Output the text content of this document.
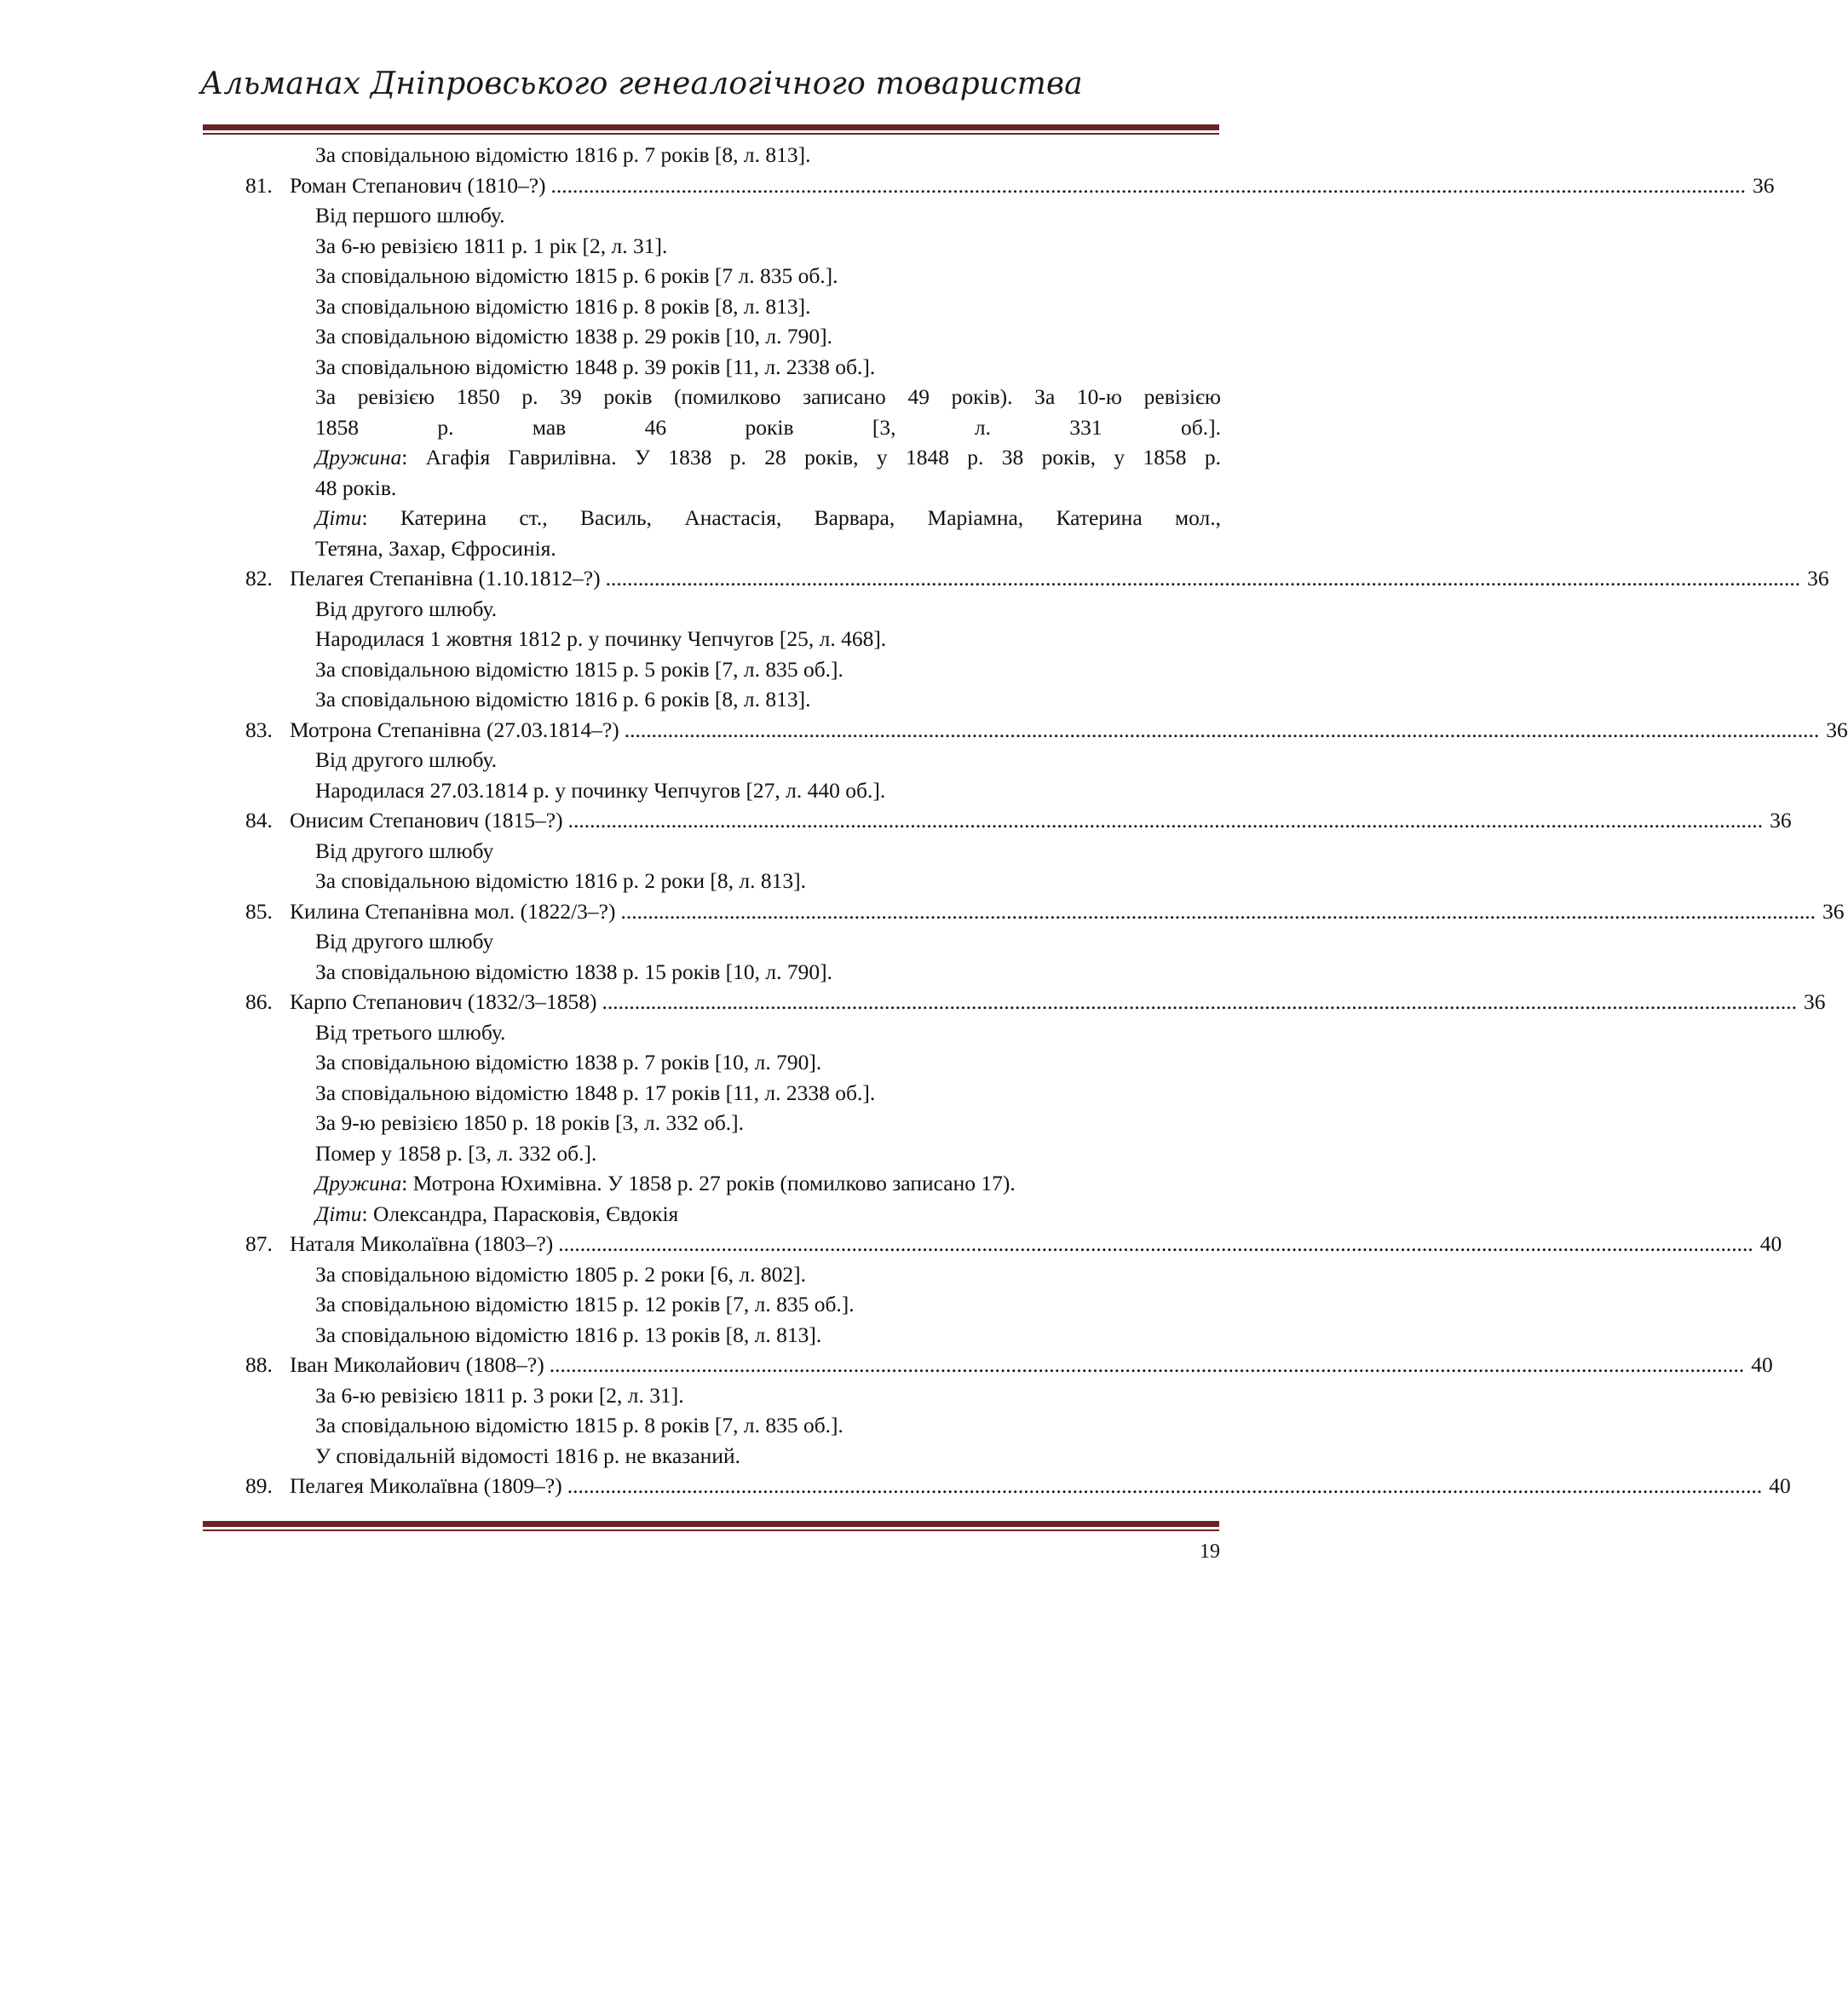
Альманах Дніпровського генеалогічного товариства
За сповідальною відомістю 1816 р. 7 років [8, л. 813].
81. Роман Степанович (1810–?) ............................................................................................................................................................................................................................ 36
Від першого шлюбу.
За 6-ю ревізією 1811 р. 1 рік [2, л. 31].
За сповідальною відомістю 1815 р. 6 років [7 л. 835 об.].
За сповідальною відомістю 1816 р. 8 років [8, л. 813].
За сповідальною відомістю 1838 р. 29 років [10, л. 790].
За сповідальною відомістю 1848 р. 39 років [11, л. 2338 об.].
За ревізією 1850 р. 39 років (помилково записано 49 років). За 10-ю ревізією
1858 р. мав 46 років [3, л. 331 об.].
Дружина: Агафія Гаврилівна. У 1838 р. 28 років, у 1848 р. 38 років, у 1858 р.
48 років.
Діти: Катерина ст., Василь, Анастасія, Варвара, Маріамна, Катерина мол.,
Тетяна, Захар, Єфросинія.
82. Пелагея Степанівна (1.10.1812–?) ............................................................................................................................................................................................................................ 36
Від другого шлюбу.
Народилася 1 жовтня 1812 р. у починку Чепчугов [25, л. 468].
За сповідальною відомістю 1815 р. 5 років [7, л. 835 об.].
За сповідальною відомістю 1816 р. 6 років [8, л. 813].
83. Мотрона Степанівна (27.03.1814–?) ............................................................................................................................................................................................................................ 36
Від другого шлюбу.
Народилася 27.03.1814 р. у починку Чепчугов [27, л. 440 об.].
84. Онисим Степанович (1815–?) ............................................................................................................................................................................................................................ 36
Від другого шлюбу
За сповідальною відомістю 1816 р. 2 роки [8, л. 813].
85. Килина Степанівна мол. (1822/3–?) ............................................................................................................................................................................................................................ 36
Від другого шлюбу
За сповідальною відомістю 1838 р. 15 років [10, л. 790].
86. Карпо Степанович (1832/3–1858) ............................................................................................................................................................................................................................ 36
Від третього шлюбу.
За сповідальною відомістю 1838 р. 7 років [10, л. 790].
За сповідальною відомістю 1848 р. 17 років [11, л. 2338 об.].
За 9-ю ревізією 1850 р. 18 років [3, л. 332 об.].
Помер у 1858 р. [3, л. 332 об.].
Дружина: Мотрона Юхимівна. У 1858 р. 27 років (помилково записано 17).
Діти: Олександра, Парасковія, Євдокія
87. Наталя Миколаївна (1803–?) ............................................................................................................................................................................................................................ 40
За сповідальною відомістю 1805 р. 2 роки [6, л. 802].
За сповідальною відомістю 1815 р. 12 років [7, л. 835 об.].
За сповідальною відомістю 1816 р. 13 років [8, л. 813].
88. Іван Миколайович (1808–?) ............................................................................................................................................................................................................................ 40
За 6-ю ревізією 1811 р. 3 роки [2, л. 31].
За сповідальною відомістю 1815 р. 8 років [7, л. 835 об.].
У сповідальній відомості 1816 р. не вказаний.
89. Пелагея Миколаївна (1809–?) ............................................................................................................................................................................................................................ 40
19
